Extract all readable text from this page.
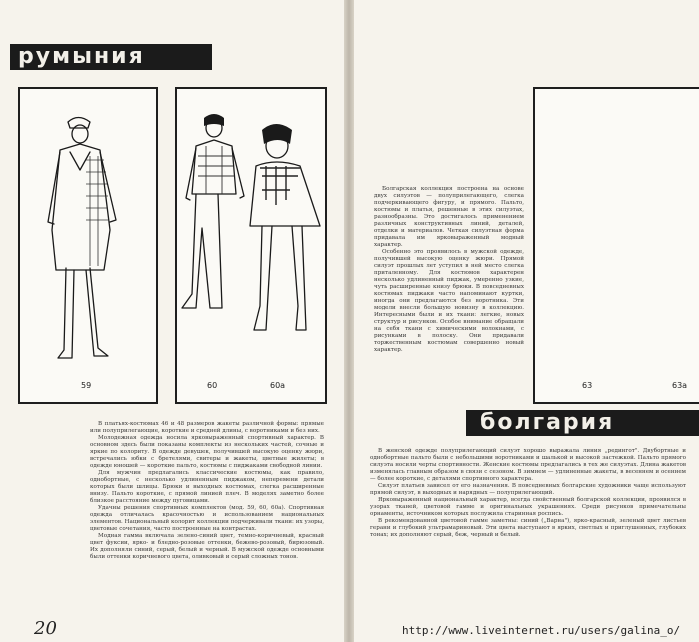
румыния
59	60	60а

В платьях-костюмах 46 и 48 размеров жакеты различной формы: прямые или полуприлегающие, короткие и средней длины, с воротниками и без них.

Молодежная одежда носила ярковыраженный спортивный характер. В основном здесь были показаны комплекты из нескольких частей, сочные и яркие по колориту. В одежде девушек, получившей высокую оценку жюри, встречались юбки с бретелями, свитеры и жакеты, цветные жилеты; в одежде юношей — короткие пальто, костюмы с пиджаками свободной линии.

Для мужчин предлагались классические костюмы, как правило, однобортные, с несколько удлиненным пиджаком, неперемени детали которых были шлицы. Брюки и выходных костюмах, слегка расширенные внизу. Пальто короткие, с прямой линией плеч. В моделях заметно более близкое расстояние между пуговицами.

Удачны решения спортивных комплектов (мод. 59, 60, 60а). Спортивная одежда отличалась красочностью и использованием национальных элементов. Национальный колорит коллекции подчеркивали ткани: их узоры, цветовые сочетания, часто построенные на контрастах.

Модная гамма включала зелено-синий цвет, темно-коричневый, красный цвет фуксии, ярко- и бледно-розовые оттенки, бежево-розовый, бирюзовый. Их дополняли синий, серый, белый и черный. В мужской одежде основными были оттенки коричневого цвета, оливковый и серый сложных тонов.

20
63	63а

Болгарская коллекция построена на основе двух силуэтов — полуприлегающего, слегка подчеркивающего фигуру, и прямого. Пальто, костюмы и платья, решенные в этих силуэтах, разнообразны. Это достигалось применением различных конструктивных линий, деталей, отделки и материалов. Четкая силуэтная форма придавала им ярковыраженный модный характер.

Особенно это проявилось в мужской одежде, получившей высокую оценку жюри. Прямой силуэт прошлых лет уступил в ней место слегка приталенному. Для костюмов характерен несколько удлиненный пиджак, умеренно узкие, чуть расширенные книзу брюки. В повседневных костюмах пиджаки часто напоминают куртки, иногда они предлагаются без воротника. Эти модели внесли большую новизну в коллекцию. Интересными были и их ткани: легкие, новых структур и рисунков. Особое внимание обращали на себя ткани с химическими волокнами, с рисунками в полоску. Они придавали торжественным костюмам совершенно новый характер.

болгария

В женской одежде полуприлегающий силуэт хорошо выражала линия „редингот". Двубортные и однобортные пальто были с небольшими воротниками и шалькой и высокой застежкой. Пальто прямого силуэта носили черты спортивности. Женские костюмы предлагались в тех же силуэтах. Длина жакетов изменялась главным образом в связи с сезоном. В зимнем — удлиненные жакеты, в весеннем и осеннем — более короткие, с деталями спортивного характера.

Силуэт платьев зависел от его назначения. В повседневных болгарские художники чаще используют прямой силуэт, в выходных и нарядных — полуприлегающий.

Ярковыраженный национальный характер, всегда свойственный болгарской коллекции, проявился в узорах тканей, цветовой гамме и оригинальных украшениях. Среди рисунков примечательны орнаменты, источником которых послужила старинная роспись.

В рекомендованной цветовой гамме заметны: синий („Варна"), ярко-красный, зеленый цвет листьев герани и глубокий ультрамариновый. Эти цвета выступают в ярких, светлых и приглушенных, глубоких тонах; их дополняют серый, беж, черный и белый.

http://www.liveinternet.ru/users/galina_o/
